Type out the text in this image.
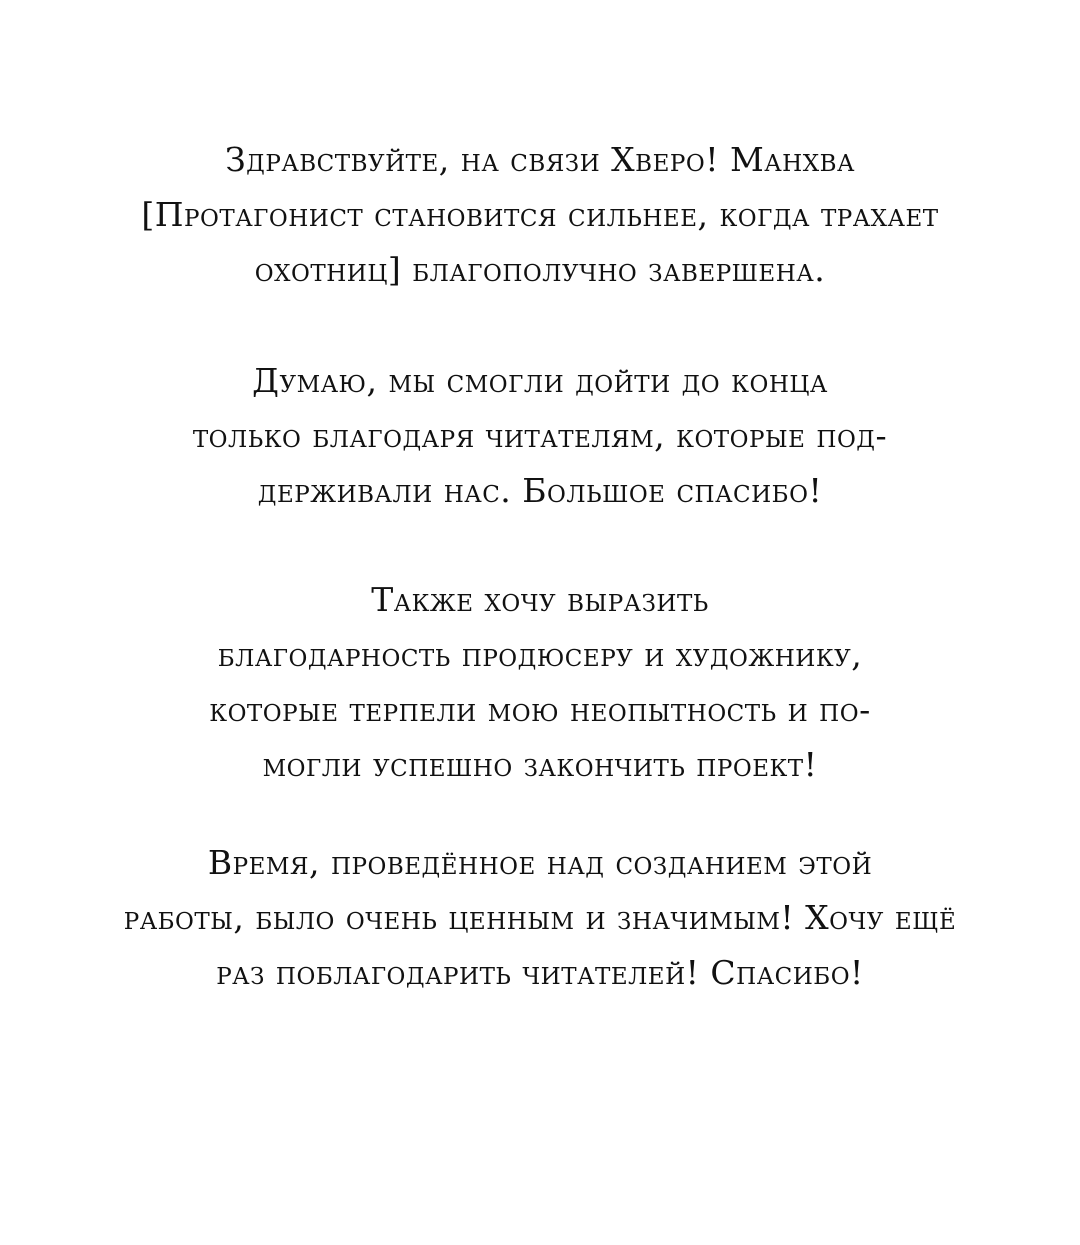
Здравствуйте, на связи Хверо! Манхва
[Протагонист становится сильнее, когда трахает
охотниц] благополучно завершена.
Думаю, мы смогли дойти до конца
только благодаря читателям, которые под-
держивали нас. Большое спасибо!
Также хочу выразить
благодарность продюсеру и художнику,
которые терпели мою неопытность и по-
могли успешно закончить проект!
Время, проведённое над созданием этой
работы, было очень ценным и значимым! Хочу ещё
раз поблагодарить читателей! Спасибо!
